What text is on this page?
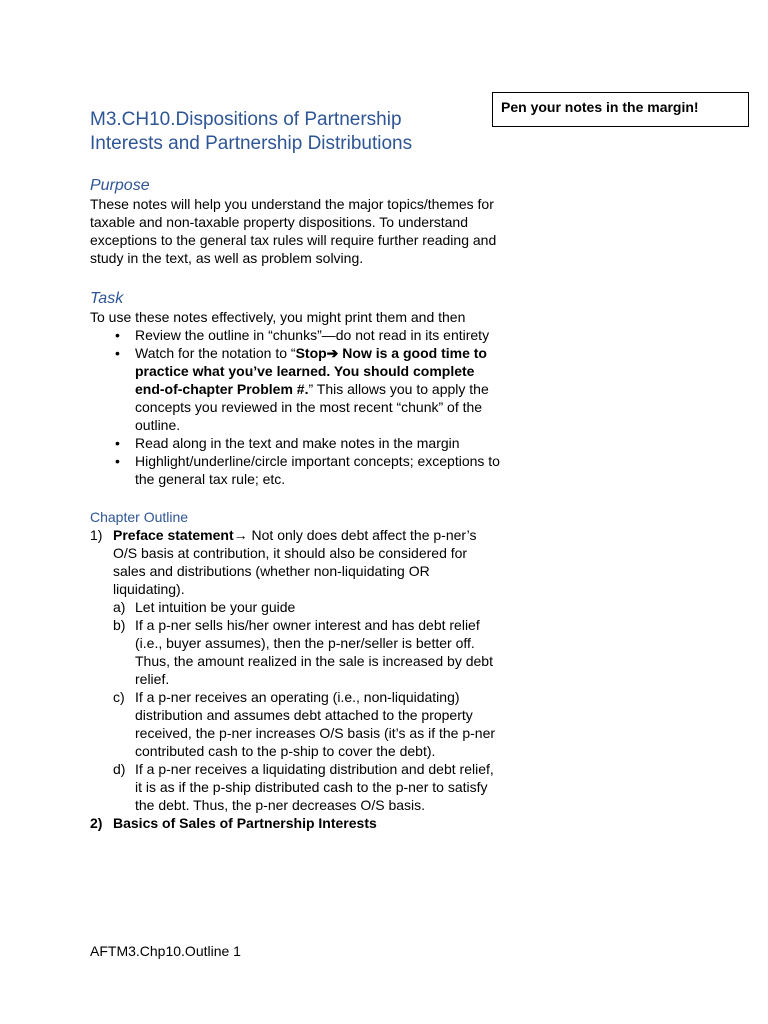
Pen your notes in the margin!
M3.CH10.Dispositions of Partnership
Interests and Partnership Distributions
Purpose

These notes will help you understand the major topics/themes for taxable and non-taxable property dispositions. To understand exceptions to the general tax rules will require further reading and study in the text, as well as problem solving.

Task

To use these notes effectively, you might print them and then

• Review the outline in “chunks”—do not read in its entirety
• Watch for the notation to “Stop➔ Now is a good time to practice what you’ve learned. You should complete end-of-chapter Problem #.” This allows you to apply the concepts you reviewed in the most recent “chunk” of the outline.
• Read along in the text and make notes in the margin
• Highlight/underline/circle important concepts; exceptions to the general tax rule; etc.
Chapter Outline
1) Preface statement→ Not only does debt affect the p-ner’s O/S basis at contribution, it should also be considered for sales and distributions (whether non-liquidating OR liquidating).
a) Let intuition be your guide
b) If a p-ner sells his/her owner interest and has debt relief (i.e., buyer assumes), then the p-ner/seller is better off. Thus, the amount realized in the sale is increased by debt relief.
c) If a p-ner receives an operating (i.e., non-liquidating) distribution and assumes debt attached to the property received, the p-ner increases O/S basis (it’s as if the p-ner contributed cash to the p-ship to cover the debt).
d) If a p-ner receives a liquidating distribution and debt relief, it is as if the p-ship distributed cash to the p-ner to satisfy the debt. Thus, the p-ner decreases O/S basis.
2) Basics of Sales of Partnership Interests
AFTM3.Chp10.Outline 1
